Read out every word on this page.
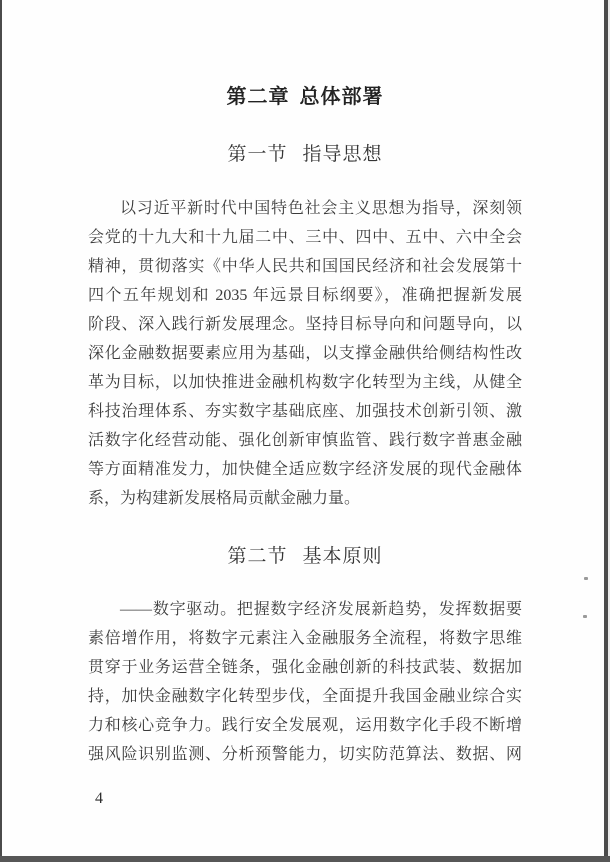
第二章 总体部署
第一节 指导思想
以习近平新时代中国特色社会主义思想为指导，深刻领
会党的十九大和十九届二中、三中、四中、五中、六中全会
精神，贯彻落实《中华人民共和国国民经济和社会发展第十
四个五年规划和 2035 年远景目标纲要》，准确把握新发展
阶段、深入践行新发展理念。坚持目标导向和问题导向，以
深化金融数据要素应用为基础，以支撑金融供给侧结构性改
革为目标，以加快推进金融机构数字化转型为主线，从健全
科技治理体系、夯实数字基础底座、加强技术创新引领、激
活数字化经营动能、强化创新审慎监管、践行数字普惠金融
等方面精准发力，加快健全适应数字经济发展的现代金融体
系，为构建新发展格局贡献金融力量。
第二节 基本原则
——数字驱动。把握数字经济发展新趋势，发挥数据要
素倍增作用，将数字元素注入金融服务全流程，将数字思维
贯穿于业务运营全链条，强化金融创新的科技武装、数据加
持，加快金融数字化转型步伐，全面提升我国金融业综合实
力和核心竞争力。践行安全发展观，运用数字化手段不断增
强风险识别监测、分析预警能力，切实防范算法、数据、网
4
